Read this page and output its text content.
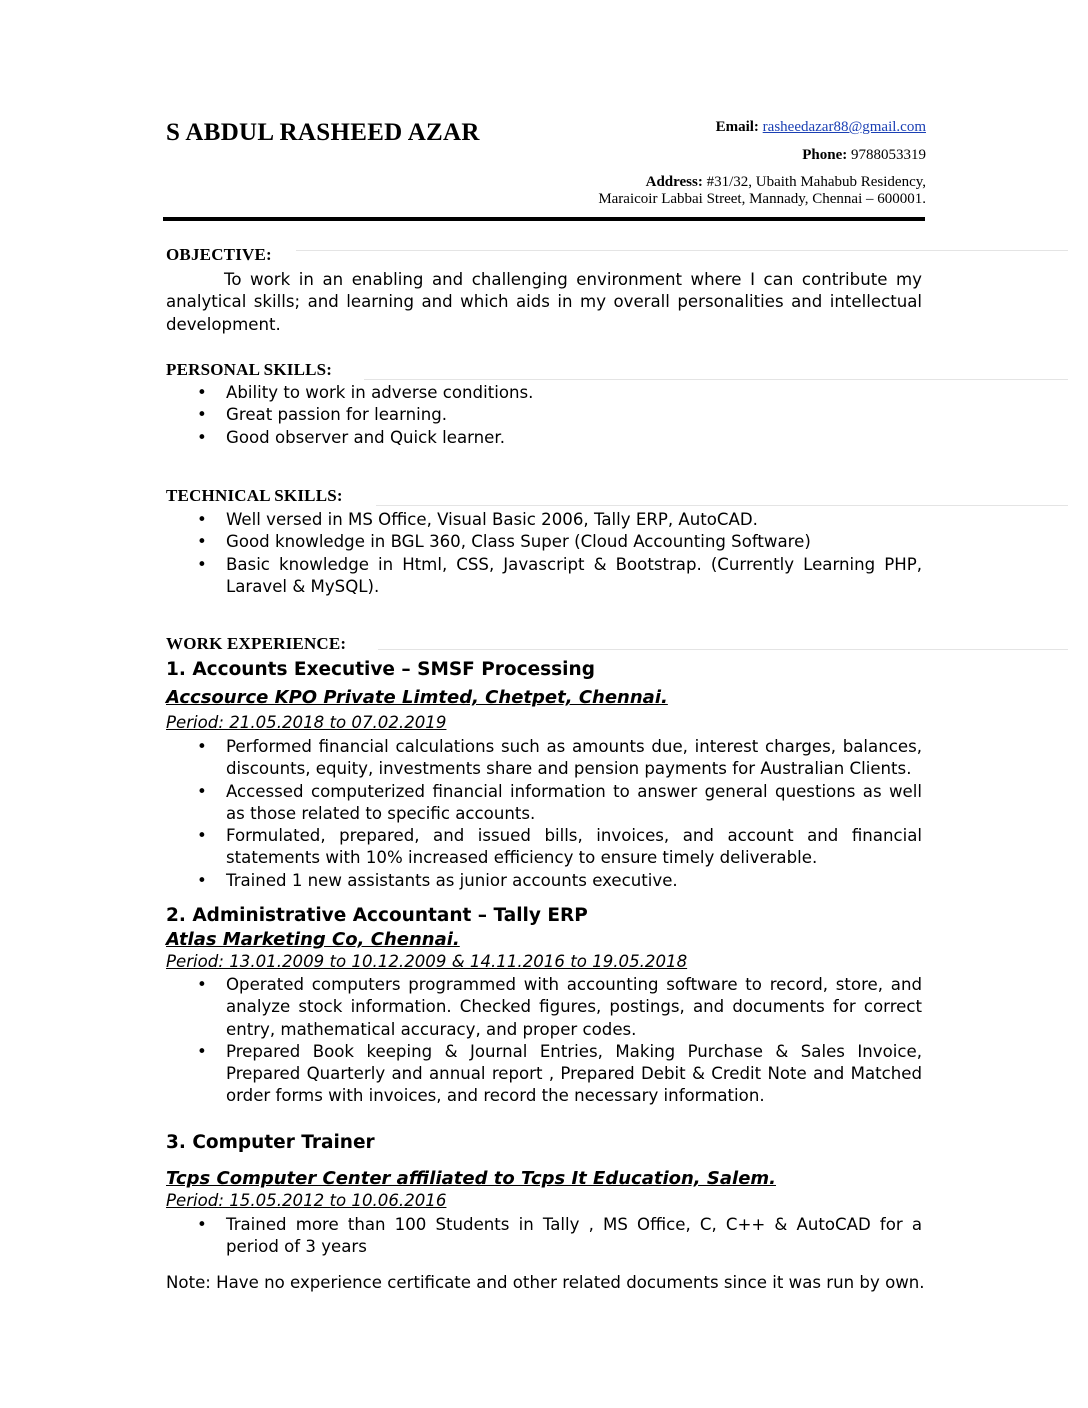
S ABDUL RASHEED AZAR	Email: rasheedazar88@gmail.com
Phone: 9788053319
Address: #31/32, Ubaith Mahabub Residency,
Maraicoir Labbai Street, Mannady, Chennai – 600001.
OBJECTIVE:
To work in an enabling and challenging environment where I can contribute my analytical skills; and learning and which aids in my overall personalities and intellectual development.
PERSONAL SKILLS:
• Ability to work in adverse conditions.
• Great passion for learning.
• Good observer and Quick learner.
TECHNICAL SKILLS:
• Well versed in MS Office, Visual Basic 2006, Tally ERP, AutoCAD.
• Good knowledge in BGL 360, Class Super (Cloud Accounting Software)
• Basic knowledge in Html, CSS, Javascript & Bootstrap. (Currently Learning PHP, Laravel & MySQL).
WORK EXPERIENCE:
1. Accounts Executive – SMSF Processing
Accsource KPO Private Limted, Chetpet, Chennai.
Period: 21.05.2018 to 07.02.2019
• Performed financial calculations such as amounts due, interest charges, balances, discounts, equity, investments share and pension payments for Australian Clients.
• Accessed computerized financial information to answer general questions as well as those related to specific accounts.
• Formulated, prepared, and issued bills, invoices, and account and financial statements with 10% increased efficiency to ensure timely deliverable.
• Trained 1 new assistants as junior accounts executive.
2. Administrative Accountant – Tally ERP
Atlas Marketing Co, Chennai.
Period: 13.01.2009 to 10.12.2009 & 14.11.2016 to 19.05.2018
• Operated computers programmed with accounting software to record, store, and analyze stock information. Checked figures, postings, and documents for correct entry, mathematical accuracy, and proper codes.
• Prepared Book keeping & Journal Entries, Making Purchase & Sales Invoice, Prepared Quarterly and annual report , Prepared Debit & Credit Note and Matched order forms with invoices, and record the necessary information.
3. Computer Trainer
Tcps Computer Center affiliated to Tcps It Education, Salem.
Period: 15.05.2012 to 10.06.2016
• Trained more than 100 Students in Tally , MS Office, C, C++ & AutoCAD for a period of 3 years
Note: Have no experience certificate and other related documents since it was run by own.
